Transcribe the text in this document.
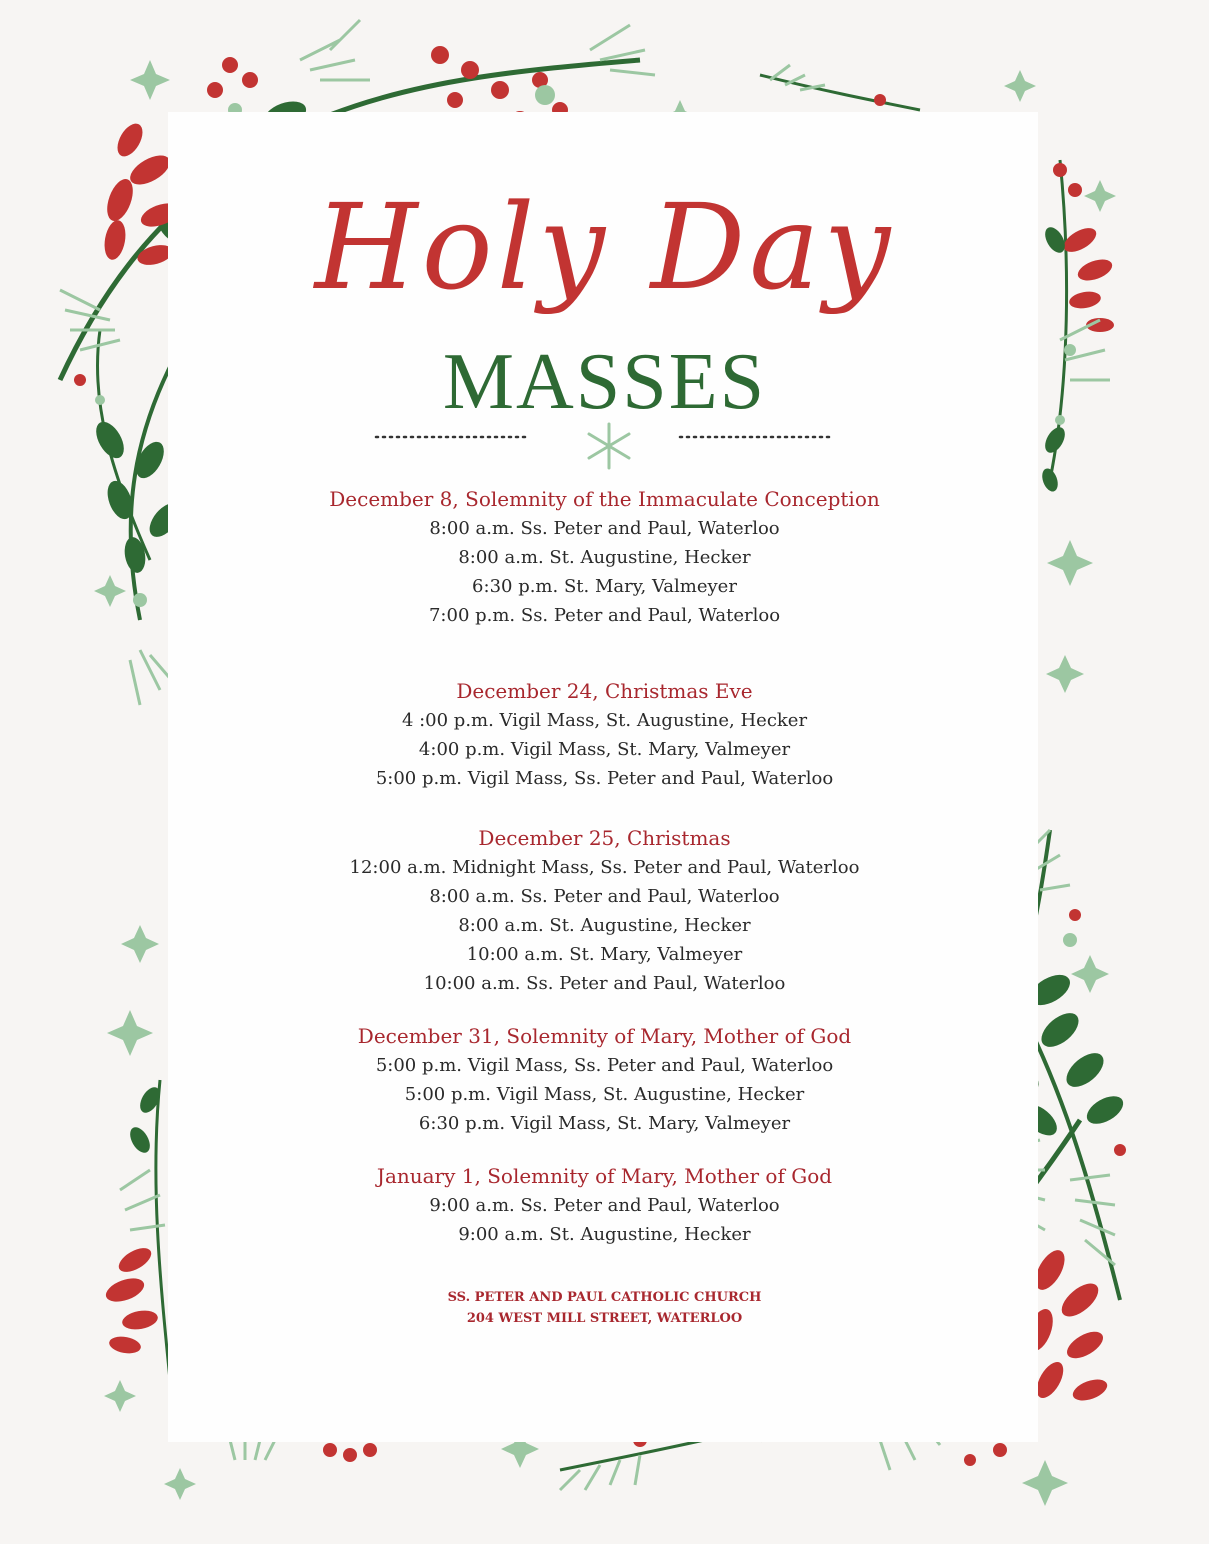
Holy Day
MASSES
December 8, Solemnity of the Immaculate Conception
8:00 a.m. Ss. Peter and Paul, Waterloo
8:00 a.m. St. Augustine, Hecker
6:30 p.m. St. Mary, Valmeyer
7:00 p.m. Ss. Peter and Paul, Waterloo
December 24, Christmas Eve
4 :00 p.m. Vigil Mass, St. Augustine, Hecker
4:00 p.m. Vigil Mass, St. Mary, Valmeyer
5:00 p.m. Vigil Mass, Ss. Peter and Paul, Waterloo
December 25, Christmas
12:00 a.m. Midnight Mass, Ss. Peter and Paul, Waterloo
8:00 a.m. Ss. Peter and Paul, Waterloo
8:00 a.m. St. Augustine, Hecker
10:00 a.m. St. Mary, Valmeyer
10:00 a.m. Ss. Peter and Paul, Waterloo
December 31, Solemnity of Mary, Mother of God
5:00 p.m. Vigil Mass, Ss. Peter and Paul, Waterloo
5:00 p.m. Vigil Mass, St. Augustine, Hecker
6:30 p.m. Vigil Mass, St. Mary, Valmeyer
January 1, Solemnity of Mary, Mother of God
9:00 a.m. Ss. Peter and Paul, Waterloo
9:00 a.m. St. Augustine, Hecker
SS. PETER AND PAUL CATHOLIC CHURCH
204 WEST MILL STREET, WATERLOO
